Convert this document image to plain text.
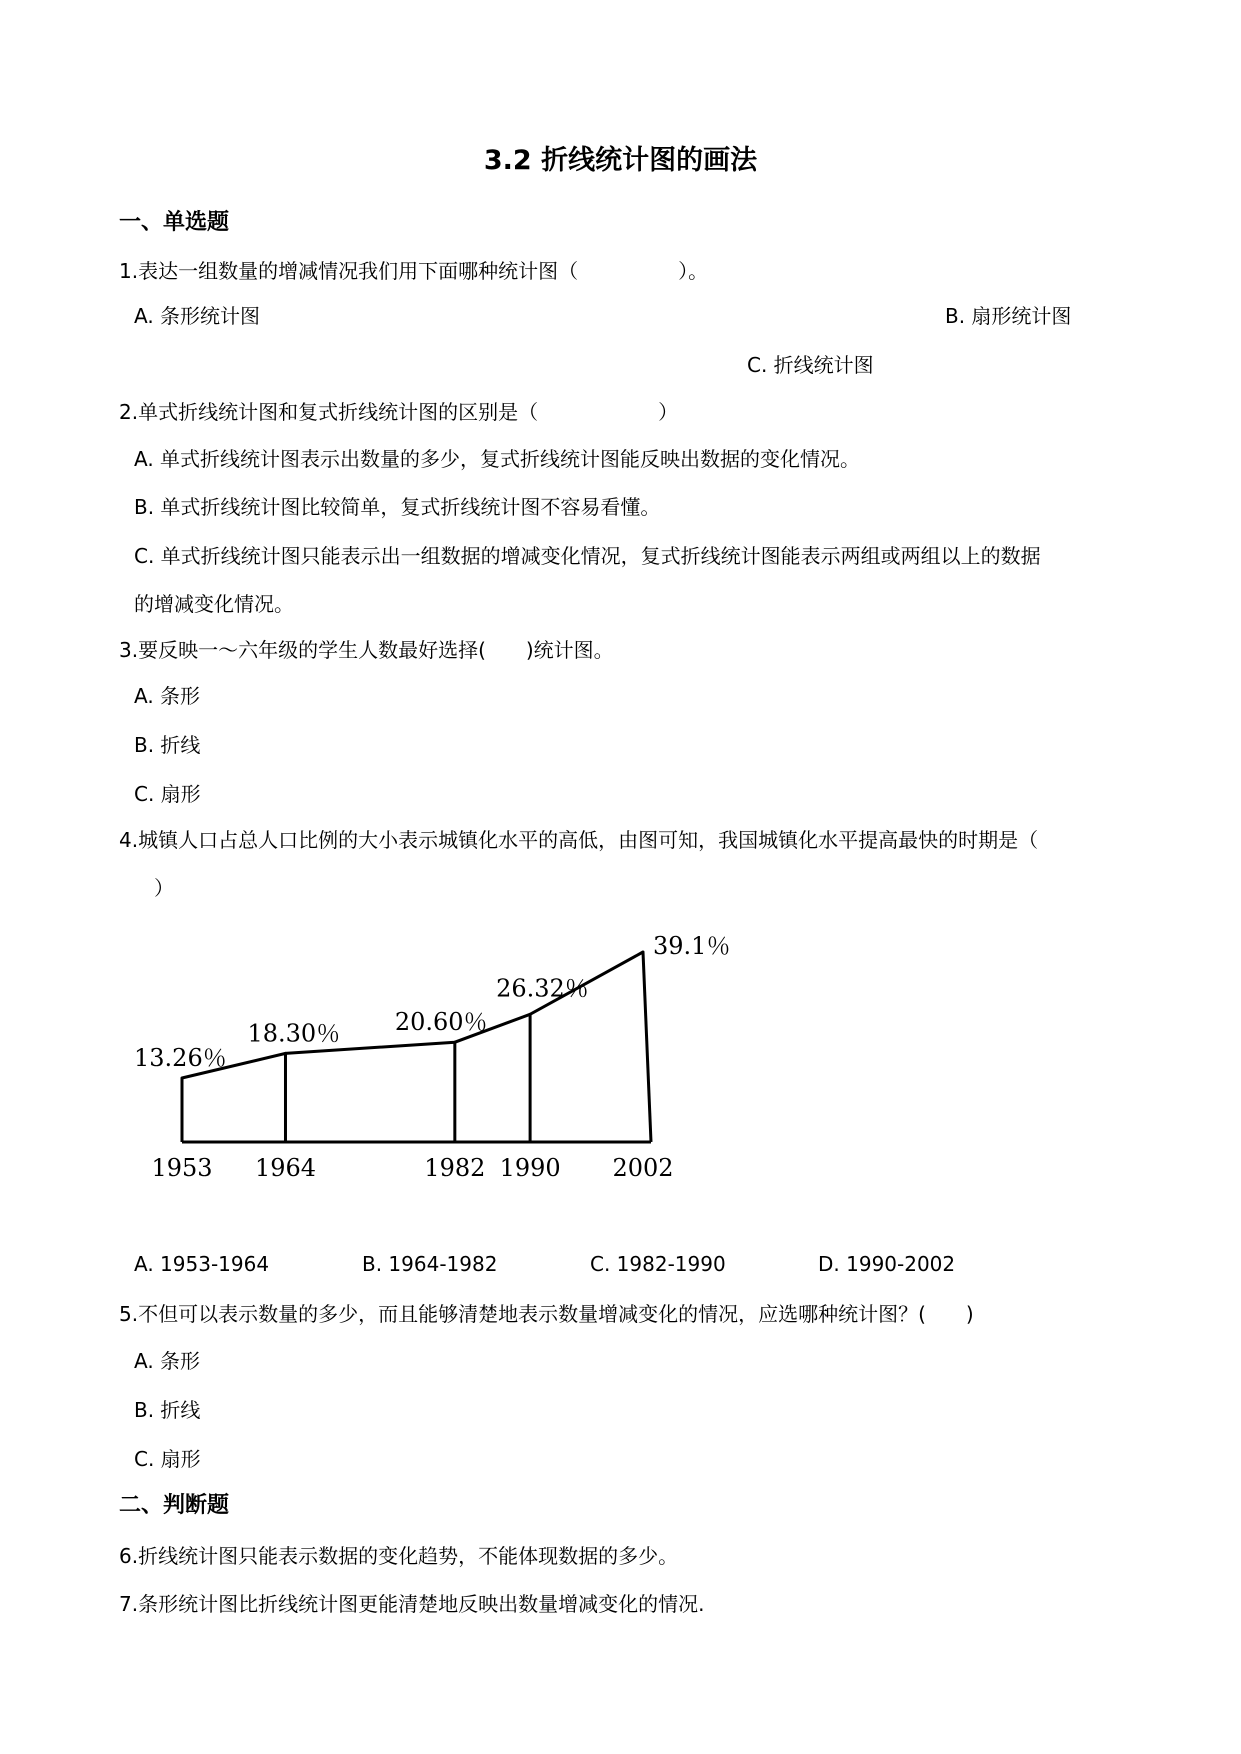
3.2 折线统计图的画法
一、单选题
1.表达一组数量的增减情况我们用下面哪种统计图（　　　　　）。
A. 条形统计图	B. 扇形统计图
C. 折线统计图
2.单式折线统计图和复式折线统计图的区别是（　　　　　　）
A. 单式折线统计图表示出数量的多少，复式折线统计图能反映出数据的变化情况。
B. 单式折线统计图比较简单，复式折线统计图不容易看懂。
C. 单式折线统计图只能表示出一组数据的增减变化情况，复式折线统计图能表示两组或两组以上的数据
的增减变化情况。
3.要反映一～六年级的学生人数最好选择(　　)统计图。
A. 条形
B. 折线
C. 扇形
4.城镇人口占总人口比例的大小表示城镇化水平的高低，由图可知，我国城镇化水平提高最快的时期是（
　）
13.26％
18.30％ 20.60％
26.32％
39.1％
1953 1964	1982 1990 2002
A. 1953-1964	B. 1964-1982	C. 1982-1990	D. 1990-2002
5.不但可以表示数量的多少，而且能够清楚地表示数量增减变化的情况，应选哪种统计图？(　　)
A. 条形
B. 折线
C. 扇形
二、判断题
6.折线统计图只能表示数据的变化趋势，不能体现数据的多少。
7.条形统计图比折线统计图更能清楚地反映出数量增减变化的情况.
